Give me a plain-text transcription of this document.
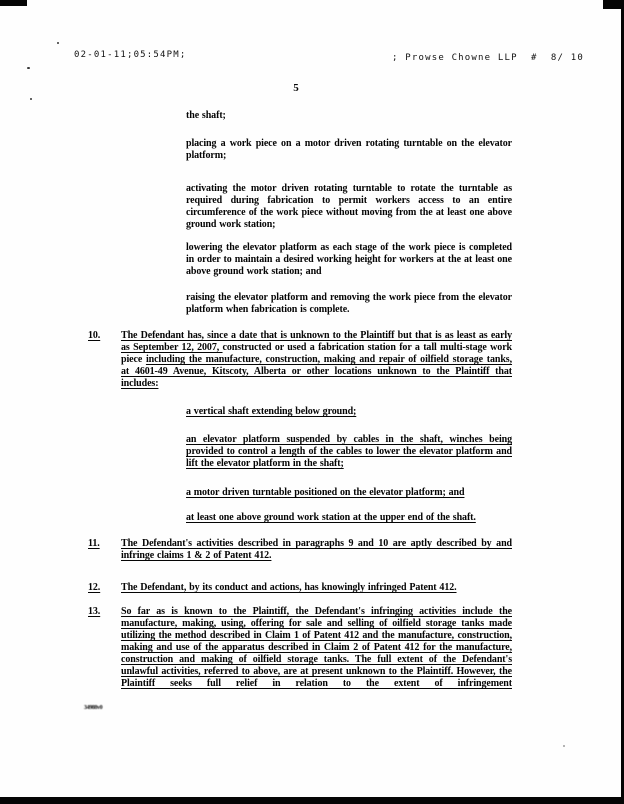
02-01-11;05:54PM;	; Prowse Chowne LLP  #  8/ 10
5
the shaft;
placing a work piece on a motor driven rotating turntable on the elevator platform;
activating the motor driven rotating turntable to rotate the turntable as required during fabrication to permit workers access to an entire circumference of the work piece without moving from the at least one above ground work station;
lowering the elevator platform as each stage of the work piece is completed in order to maintain a desired working height for workers at the at least one above ground work station; and
raising the elevator platform and removing the work piece from the elevator platform when fabrication is complete.
10.	The Defendant has, since a date that is unknown to the Plaintiff but that is as least as early as September 12, 2007, constructed or used a fabrication station for a tall multi-stage work piece including the manufacture, construction, making and repair of oilfield storage tanks, at 4601-49 Avenue, Kitscoty, Alberta or other locations unknown to the Plaintiff that includes:
a vertical shaft extending below ground;
an elevator platform suspended by cables in the shaft, winches being provided to control a length of the cables to lower the elevator platform and lift the elevator platform in the shaft;
a motor driven turntable positioned on the elevator platform; and
at least one above ground work station at the upper end of the shaft.
11.	The Defendant's activities described in paragraphs 9 and 10 are aptly described by and infringe claims 1 & 2 of Patent 412.
12.	The Defendant, by its conduct and actions, has knowingly infringed Patent 412.
13.	So far as is known to the Plaintiff, the Defendant's infringing activities include the manufacture, making, using, offering for sale and selling of oilfield storage tanks made utilizing the method described in Claim 1 of Patent 412 and the manufacture, construction, making and use of the apparatus described in Claim 2 of Patent 412 for the manufacture, construction and making of oilfield storage tanks. The full extent of the Defendant's unlawful activities, referred to above, are at present unknown to the Plaintiff. However, the Plaintiff seeks full relief in relation to the extent of infringement
34988v0
